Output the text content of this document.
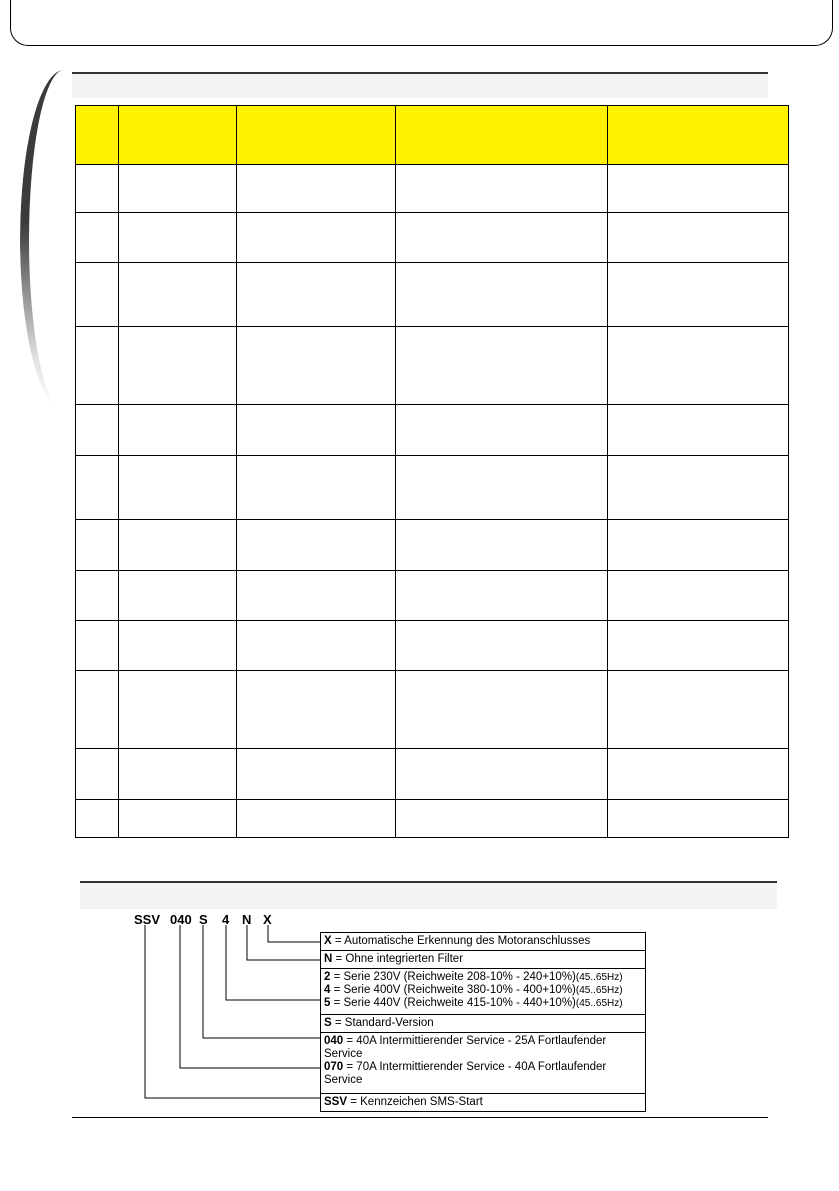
SSV 040 S 4 N X
X = Automatische Erkennung des Motoranschlusses
N = Ohne integrierten Filter
2 = Serie 230V (Reichweite 208-10% - 240+10%)(45..65Hz)
4 = Serie 400V (Reichweite 380-10% - 400+10%)(45..65Hz)
5 = Serie 440V (Reichweite 415-10% - 440+10%)(45..65Hz)
S = Standard-Version
040 = 40A Intermittierender Service - 25A Fortlaufender Service
070 = 70A Intermittierender Service - 40A Fortlaufender Service
SSV = Kennzeichen SMS-Start
